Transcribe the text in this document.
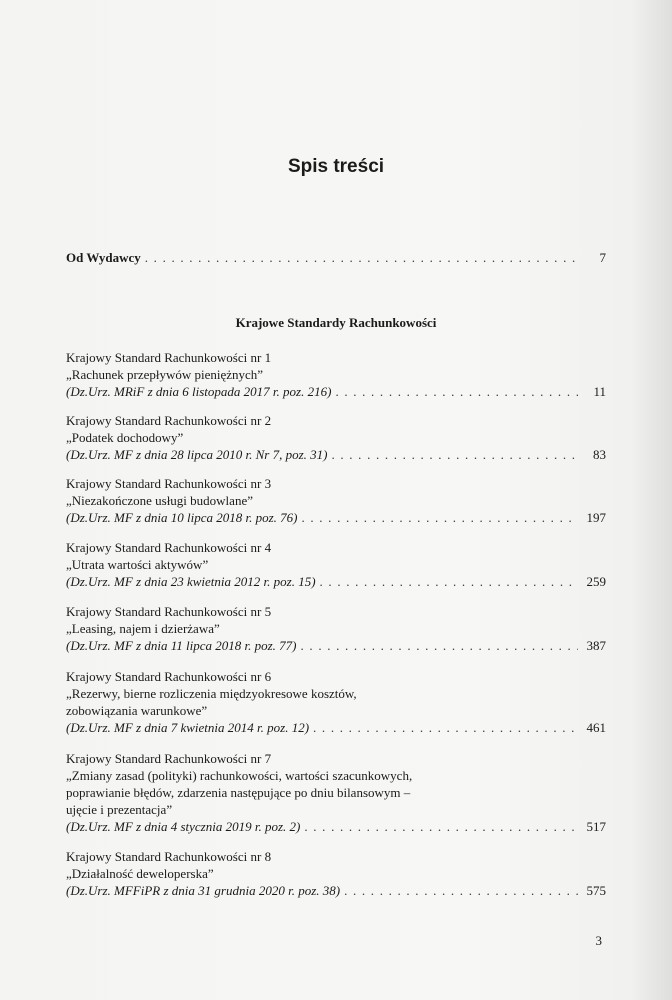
Spis treści
Od Wydawcy . . .	7
Krajowe Standardy Rachunkowości
Krajowy Standard Rachunkowości nr 1
„Rachunek przepływów pieniężnych”
(Dz.Urz. MRiF z dnia 6 listopada 2017 r. poz. 216) . . .	11
Krajowy Standard Rachunkowości nr 2
„Podatek dochodowy”
(Dz.Urz. MF z dnia 28 lipca 2010 r. Nr 7, poz. 31) . . .	83
Krajowy Standard Rachunkowości nr 3
„Niezakończone usługi budowlane”
(Dz.Urz. MF z dnia 10 lipca 2018 r. poz. 76) . . .	197
Krajowy Standard Rachunkowości nr 4
„Utrata wartości aktywów”
(Dz.Urz. MF z dnia 23 kwietnia 2012 r. poz. 15) . . .	259
Krajowy Standard Rachunkowości nr 5
„Leasing, najem i dzierżawa”
(Dz.Urz. MF z dnia 11 lipca 2018 r. poz. 77) . . .	387
Krajowy Standard Rachunkowości nr 6
„Rezerwy, bierne rozliczenia międzyokresowe kosztów,
zobowiązania warunkowe”
(Dz.Urz. MF z dnia 7 kwietnia 2014 r. poz. 12) . . .	461
Krajowy Standard Rachunkowości nr 7
„Zmiany zasad (polityki) rachunkowości, wartości szacunkowych,
poprawianie błędów, zdarzenia następujące po dniu bilansowym –
ujęcie i prezentacja”
(Dz.Urz. MF z dnia 4 stycznia 2019 r. poz. 2) . . .	517
Krajowy Standard Rachunkowości nr 8
„Działalność deweloperska”
(Dz.Urz. MFFiPR z dnia 31 grudnia 2020 r. poz. 38) . . .	575
3
